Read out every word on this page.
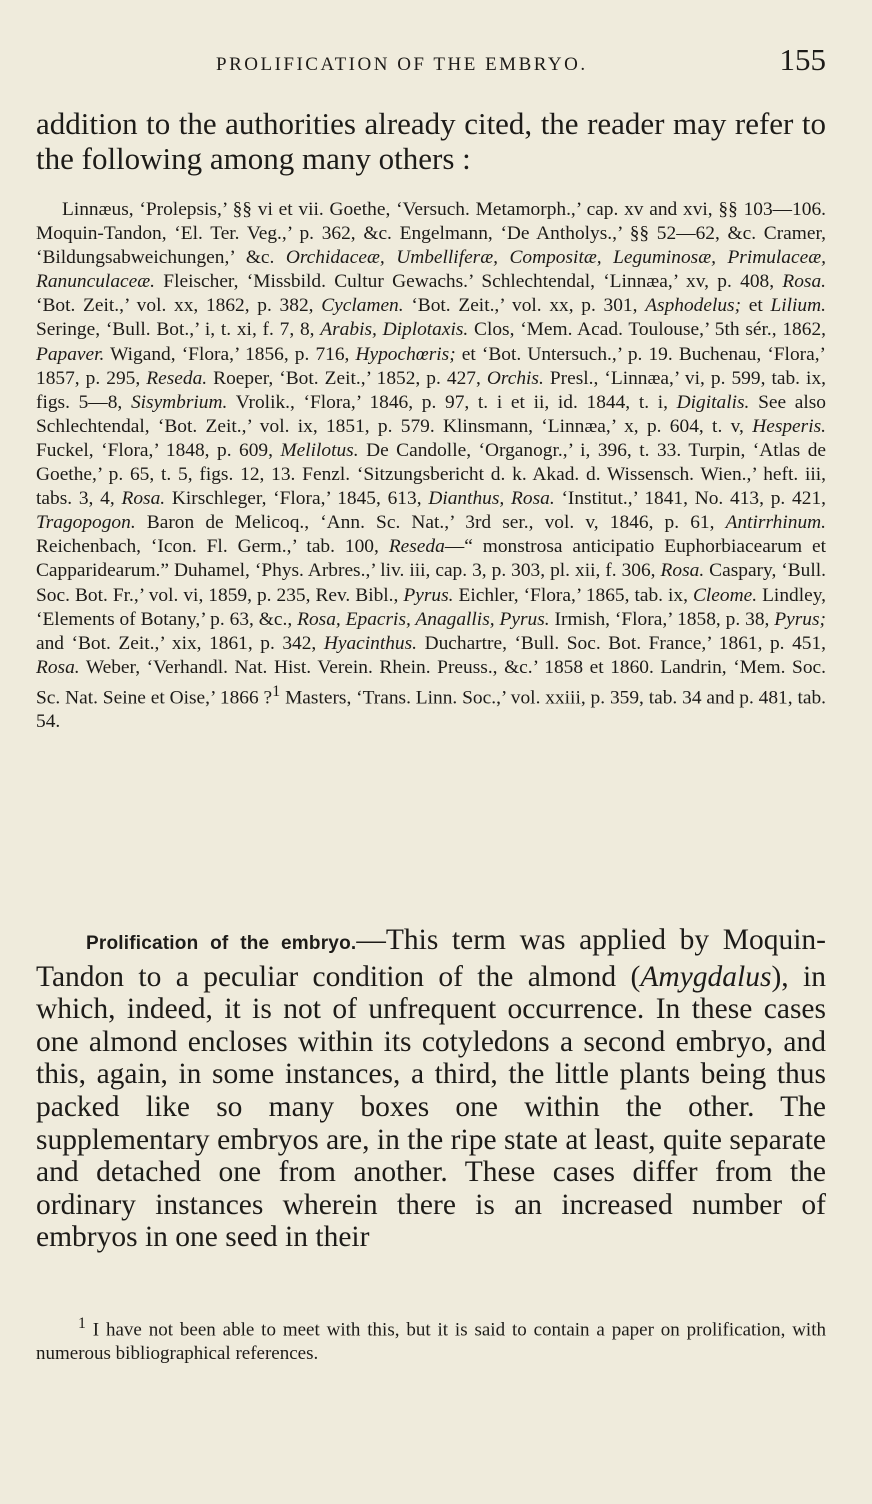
PROLIFICATION OF THE EMBRYO.	155

addition to the authorities already cited, the reader may refer to the following among many others :

Linnæus, ‘Prolepsis,’ §§ vi et vii. Goethe, ‘Versuch. Metamorph.,’ cap. xv and xvi, §§ 103—106. Moquin-Tandon, ‘El. Ter. Veg.,’ p. 362, &c. Engelmann, ‘De Antholys.,’ §§ 52—62, &c. Cramer, ‘Bildungsabweichungen,’ &c. Orchidaceæ, Umbelliferæ, Compositæ, Leguminosæ, Primulaceæ, Ranunculaceæ. Fleischer, ‘Missbild. Cultur Gewachs.’ Schlechtendal, ‘Linnæa,’ xv, p. 408, Rosa. ‘Bot. Zeit.,’ vol. xx, 1862, p. 382, Cyclamen. ‘Bot. Zeit.,’ vol. xx, p. 301, Asphodelus; et Lilium. Seringe, ‘Bull. Bot.,’ i, t. xi, f. 7, 8, Arabis, Diplotaxis. Clos, ‘Mem. Acad. Toulouse,’ 5th sér., 1862, Papaver. Wigand, ‘Flora,’ 1856, p. 716, Hypochœris; et ‘Bot. Untersuch.,’ p. 19. Buchenau, ‘Flora,’ 1857, p. 295, Reseda. Roeper, ‘Bot. Zeit.,’ 1852, p. 427, Orchis. Presl., ‘Linnæa,’ vi, p. 599, tab. ix, figs. 5—8, Sisymbrium. Vrolik., ‘Flora,’ 1846, p. 97, t. i et ii, id. 1844, t. i, Digitalis. See also Schlechtendal, ‘Bot. Zeit.,’ vol. ix, 1851, p. 579. Klinsmann, ‘Linnæa,’ x, p. 604, t. v, Hesperis. Fuckel, ‘Flora,’ 1848, p. 609, Melilotus. De Candolle, ‘Organogr.,’ i, 396, t. 33. Turpin, ‘Atlas de Goethe,’ p. 65, t. 5, figs. 12, 13. Fenzl. ‘Sitzungsbericht d. k. Akad. d. Wissensch. Wien.,’ heft. iii, tabs. 3, 4, Rosa. Kirschleger, ‘Flora,’ 1845, 613, Dianthus, Rosa. ‘Institut.,’ 1841, No. 413, p. 421, Tragopogon. Baron de Melicoq., ‘Ann. Sc. Nat.,’ 3rd ser., vol. v, 1846, p. 61, Antirrhinum. Reichenbach, ‘Icon. Fl. Germ.,’ tab. 100, Reseda—“ monstrosa anticipatio Euphorbiacearum et Capparidearum.” Duhamel, ‘Phys. Arbres.,’ liv. iii, cap. 3, p. 303, pl. xii, f. 306, Rosa. Caspary, ‘Bull. Soc. Bot. Fr.,’ vol. vi, 1859, p. 235, Rev. Bibl., Pyrus. Eichler, ‘Flora,’ 1865, tab. ix, Cleome. Lindley, ‘Elements of Botany,’ p. 63, &c., Rosa, Epacris, Anagallis, Pyrus. Irmish, ‘Flora,’ 1858, p. 38, Pyrus; and ‘Bot. Zeit.,’ xix, 1861, p. 342, Hyacinthus. Duchartre, ‘Bull. Soc. Bot. France,’ 1861, p. 451, Rosa. Weber, ‘Verhandl. Nat. Hist. Verein. Rhein. Preuss., &c.’ 1858 et 1860. Landrin, ‘Mem. Soc. Sc. Nat. Seine et Oise,’ 1866 ?$^1$ Masters, ‘Trans. Linn. Soc.,’ vol. xxiii, p. 359, tab. 34 and p. 481, tab. 54.

Prolification of the embryo.—This term was applied by Moquin-Tandon to a peculiar condition of the almond (Amygdalus), in which, indeed, it is not of unfrequent occurrence. In these cases one almond encloses within its cotyledons a second embryo, and this, again, in some instances, a third, the little plants being thus packed like so many boxes one within the other. The supplementary embryos are, in the ripe state at least, quite separate and detached one from another. These cases differ from the ordinary instances wherein there is an increased number of embryos in one seed in their

$^1$ I have not been able to meet with this, but it is said to contain a paper on prolification, with numerous bibliographical references.
